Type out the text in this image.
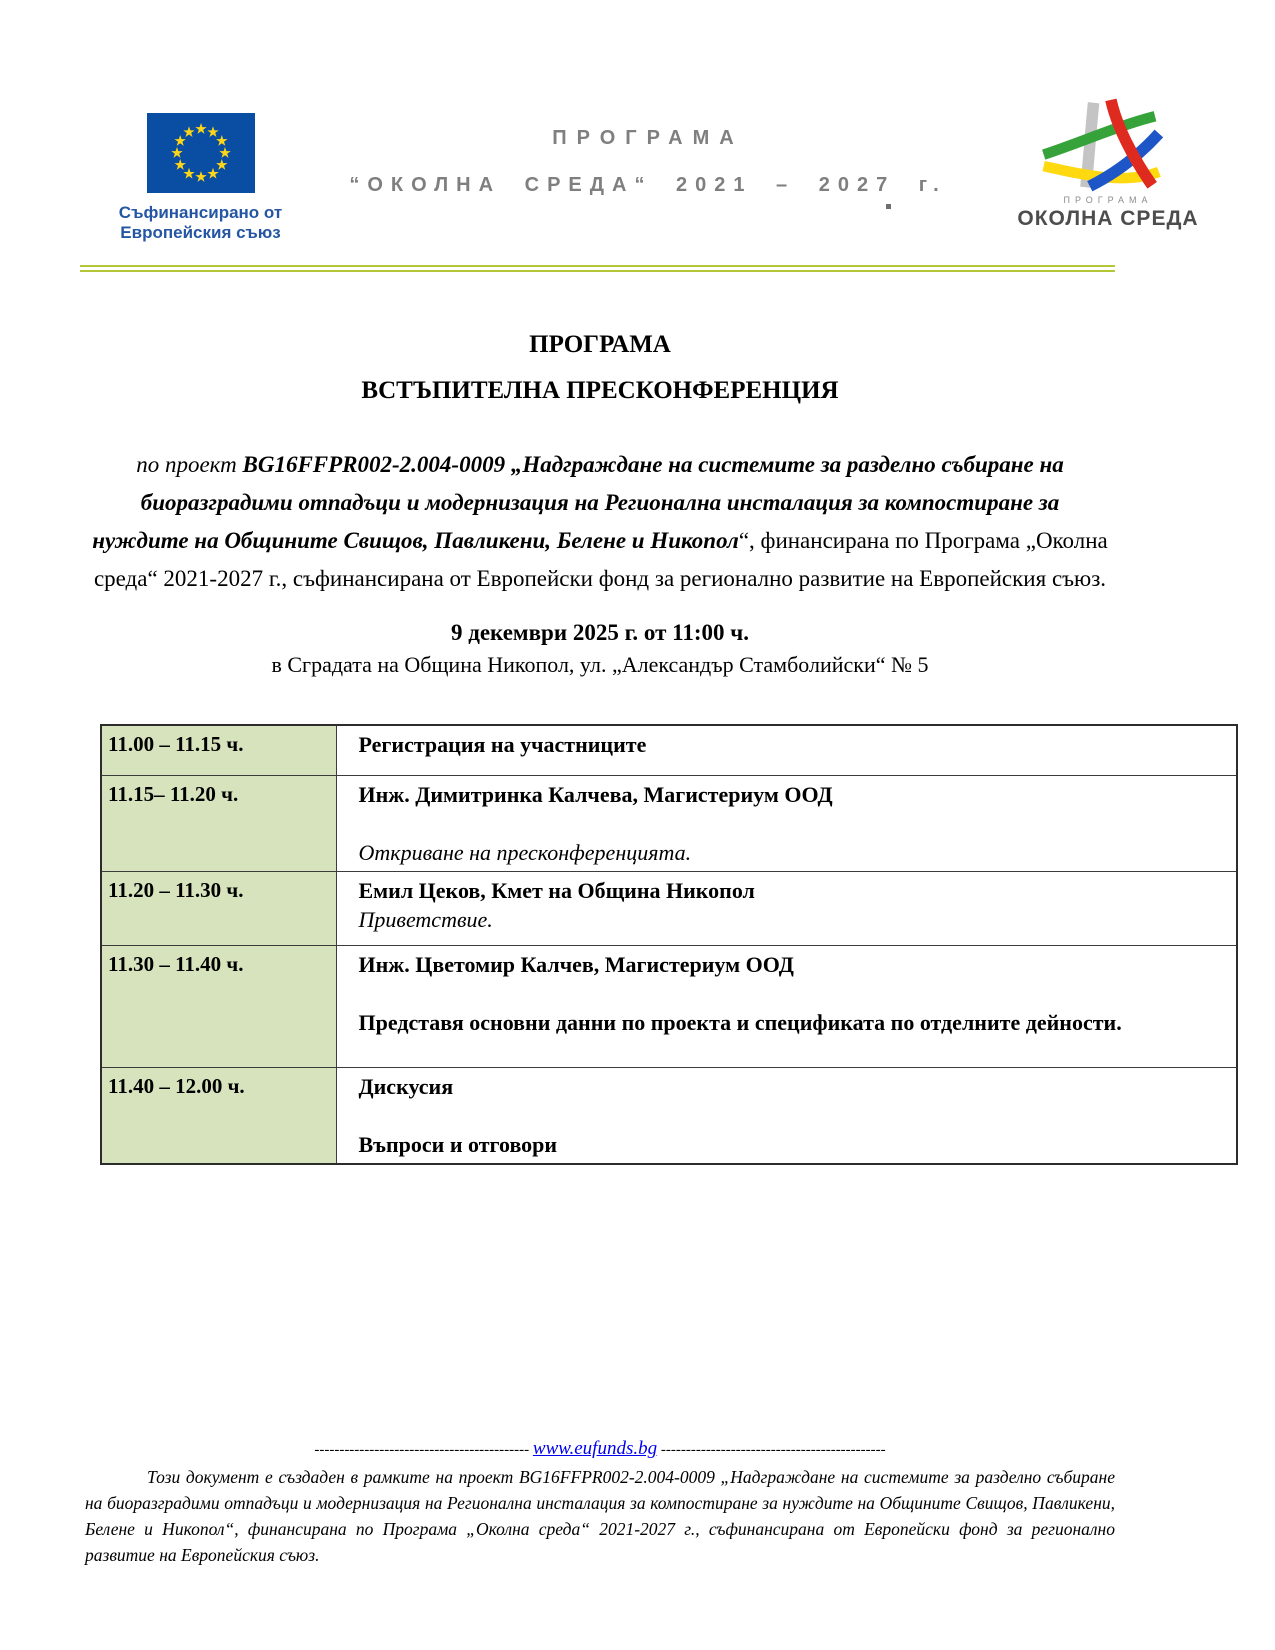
Съфинансирано от
Европейския съюз
ПРОГРАМА
“ОКОЛНА СРЕДА“ 2021 – 2027 г.
ПРОГРАМА
ОКОЛНА СРЕДА
ПРОГРАМА
ВСТЪПИТЕЛНА ПРЕСКОНФЕРЕНЦИЯ

по проект BG16FFPR002-2.004-0009 „Надграждане на системите за разделно събиране на биоразградими отпадъци и модернизация на Регионална инсталация за компостиране за нуждите на Общините Свищов, Павликени, Белене и Никопол“, финансирана по Програма „Околна среда“ 2021-2027 г., съфинансирана от Европейски фонд за регионално развитие на Европейския съюз.

9 декември 2025 г. от 11:00 ч.

в Сградата на Община Никопол, ул. „Александър Стамболийски“ № 5

11.00 – 11.15 ч.	Регистрация на участниците

11.15– 11.20 ч.	Инж. Димитринка Калчева, Магистериум ООД
Откриване на пресконференцията.

11.20 – 11.30 ч.	Емил Цеков, Кмет на Община Никопол
Приветствие.

11.30 – 11.40 ч.	Инж. Цветомир Калчев, Магистериум ООД
Представя основни данни по проекта и спецификата по отделните дейности.

11.40 – 12.00 ч.	Дискусия
Въпроси и отговори
------------------------------------------- www.eufunds.bg ---------------------------------------------

Този документ е създаден в рамките на проект BG16FFPR002-2.004-0009 „Надграждане на системите за разделно събиране на биоразградими отпадъци и модернизация на Регионална инсталация за компостиране за нуждите на Общините Свищов, Павликени, Белене и Никопол“, финансирана по Програма „Околна среда“ 2021-2027 г., съфинансирана от Европейски фонд за регионално развитие на Европейския съюз.
